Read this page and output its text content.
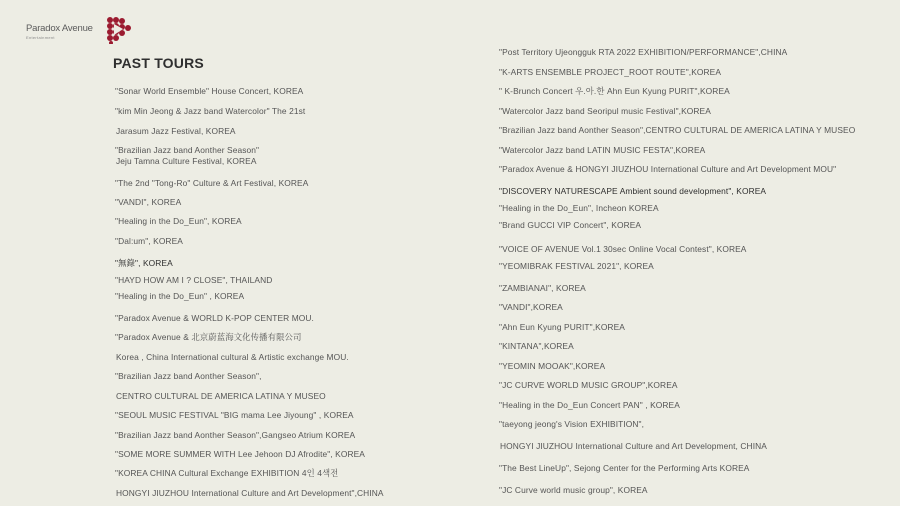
Paradox Avenue
Entertainment
PAST TOURS
"Sonar World Ensemble" House Concert, KOREA
"kim Min Jeong & Jazz band Watercolor" The 21st
Jarasum Jazz Festival, KOREA
"Brazilian Jazz band Aonther Season"
Jeju Tamna Culture Festival, KOREA
"The 2nd "Tong-Ro" Culture & Art Festival, KOREA
"VANDI", KOREA
"Healing in the Do_Eun", KOREA
"Dal:um", KOREA
"無錄", KOREA
"HAYD HOW AM I ? CLOSE", THAILAND
"Healing in the Do_Eun" , KOREA
"Paradox Avenue & WORLD K-POP CENTER MOU.
"Paradox Avenue & 北京蔚蓝海文化传播有限公司
Korea , China International cultural & Artistic exchange MOU.
"Brazilian Jazz band Aonther Season",
CENTRO CULTURAL DE AMERICA LATINA Y MUSEO
"SEOUL MUSIC FESTIVAL "BIG mama Lee Jiyoung" , KOREA
"Brazilian Jazz band Aonther Season",Gangseo Atrium KOREA
"SOME MORE SUMMER WITH Lee Jehoon DJ Afrodite", KOREA
"KOREA CHINA Cultural Exchange EXHIBITION 4인 4색전
HONGYI JIUZHOU International Culture and Art Development",CHINA
"Post Territory Ujeongguk RTA 2022 EXHIBITION/PERFORMANCE",CHINA
"K-ARTS ENSEMBLE PROJECT_ROOT ROUTE",KOREA
" K-Brunch Concert 우.아.한 Ahn Eun Kyung PURIT",KOREA
"Watercolor Jazz band Seoripul music Festival",KOREA
"Brazilian Jazz band Aonther Season",CENTRO CULTURAL DE AMERICA LATINA Y MUSEO
"Watercolor Jazz band LATIN MUSIC FESTA",KOREA
"Paradox Avenue & HONGYI JIUZHOU International Culture and Art Development MOU"
"DISCOVERY NATURESCAPE Ambient sound development", KOREA
"Healing in the Do_Eun", Incheon KOREA
"Brand GUCCI VIP Concert", KOREA
"VOICE OF AVENUE Vol.1 30sec Online Vocal Contest", KOREA
"YEOMIBRAK FESTIVAL 2021", KOREA
"ZAMBIANAI", KOREA
"VANDI",KOREA
"Ahn Eun Kyung PURIT",KOREA
"KINTANA",KOREA
"YEOMIN MOOAK",KOREA
"JC CURVE WORLD MUSIC GROUP",KOREA
"Healing in the Do_Eun Concert PAN" , KOREA
"taeyong jeong's Vision EXHIBITION",
HONGYI JIUZHOU International Culture and Art Development, CHINA
"The Best LineUp", Sejong Center for the Performing Arts KOREA
"JC Curve world music group", KOREA
